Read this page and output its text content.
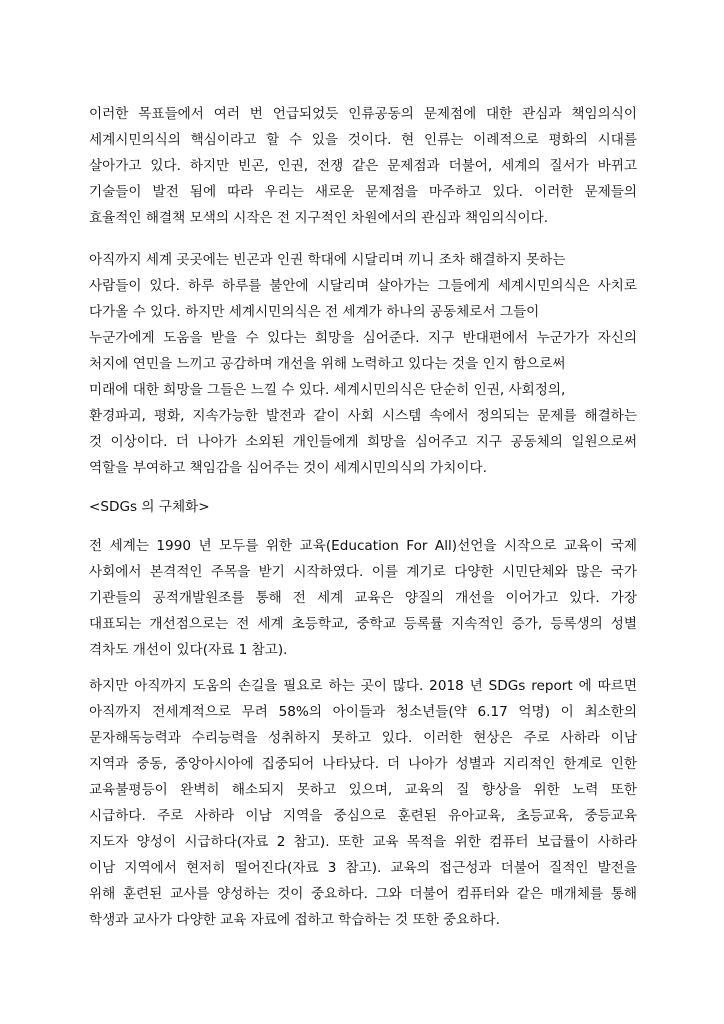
이러한 목표들에서 여러 번 언급되었듯 인류공동의 문제점에 대한 관심과 책임의식이

세계시민의식의 핵심이라고 할 수 있을 것이다. 현 인류는 이례적으로 평화의 시대를

살아가고 있다. 하지만 빈곤, 인권, 전쟁 같은 문제점과 더불어, 세계의 질서가 바뀌고

기술들이 발전 됨에 따라 우리는 새로운 문제점을 마주하고 있다. 이러한 문제들의

효율적인 해결책 모색의 시작은 전 지구적인 차원에서의 관심과 책임의식이다.

아직까지 세계 곳곳에는 빈곤과 인권 학대에 시달리며 끼니 조차 해결하지 못하는

사람들이 있다. 하루 하루를 불안에 시달리며 살아가는 그들에게 세계시민의식은 사치로

다가올 수 있다. 하지만 세계시민의식은 전 세계가 하나의 공동체로서 그들이

누군가에게 도움을 받을 수 있다는 희망을 심어준다. 지구 반대편에서 누군가가 자신의

처지에 연민을 느끼고 공감하며 개선을 위해 노력하고 있다는 것을 인지 함으로써

미래에 대한 희망을 그들은 느낄 수 있다. 세계시민의식은 단순히 인권, 사회정의,

환경파괴, 평화, 지속가능한 발전과 같이 사회 시스템 속에서 정의되는 문제를 해결하는

것 이상이다. 더 나아가 소외된 개인들에게 희망을 심어주고 지구 공동체의 일원으로써

역할을 부여하고 책임감을 심어주는 것이 세계시민의식의 가치이다.

<SDGs 의 구체화>

전 세계는 1990 년 모두를 위한 교육(Education For All)선언을 시작으로 교육이 국제

사회에서 본격적인 주목을 받기 시작하였다. 이를 계기로 다양한 시민단체와 많은 국가

기관들의 공적개발원조를 통해 전 세계 교육은 양질의 개선을 이어가고 있다. 가장

대표되는 개선점으로는 전 세계 초등학교, 중학교 등록률 지속적인 증가, 등록생의 성별

격차도 개선이 있다(자료 1 참고).

하지만 아직까지 도움의 손길을 필요로 하는 곳이 많다. 2018 년 SDGs report 에 따르면

아직까지 전세계적으로 무려 58%의 아이들과 청소년들(약 6.17 억명) 이 최소한의

문자해독능력과 수리능력을 성취하지 못하고 있다. 이러한 현상은 주로 사하라 이남

지역과 중동, 중앙아시아에 집중되어 나타났다. 더 나아가 성별과 지리적인 한계로 인한

교육불평등이 완벽히 해소되지 못하고 있으며, 교육의 질 향상을 위한 노력 또한

시급하다. 주로 사하라 이남 지역을 중심으로 훈련된 유아교육, 초등교육, 중등교육

지도자 양성이 시급하다(자료 2 참고). 또한 교육 목적을 위한 컴퓨터 보급률이 사하라

이남 지역에서 현저히 떨어진다(자료 3 참고). 교육의 접근성과 더불어 질적인 발전을

위해 훈련된 교사를 양성하는 것이 중요하다. 그와 더불어 컴퓨터와 같은 매개체를 통해

학생과 교사가 다양한 교육 자료에 접하고 학습하는 것 또한 중요하다.
